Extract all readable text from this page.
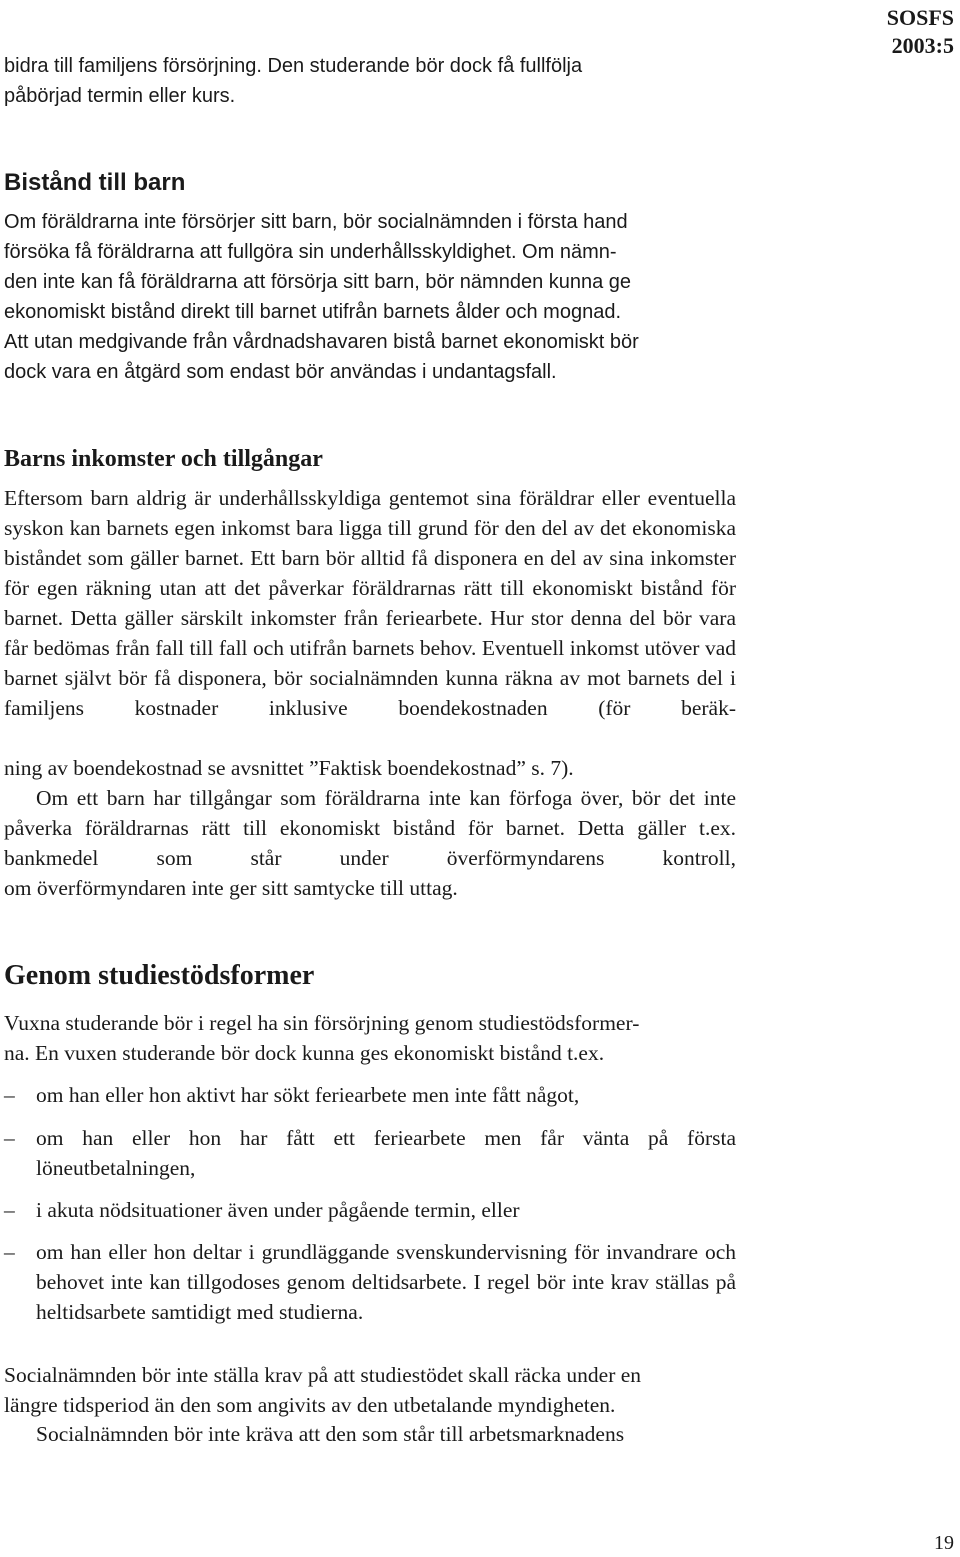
SOSFS
2003:5

bidra till familjens försörjning. Den studerande bör dock få fullfölja

påbörjad termin eller kurs.

Bistånd till barn

Om föräldrarna inte försörjer sitt barn, bör socialnämnden i första hand

försöka få föräldrarna att fullgöra sin underhållsskyldighet. Om nämn-

den inte kan få föräldrarna att försörja sitt barn, bör nämnden kunna ge

ekonomiskt bistånd direkt till barnet utifrån barnets ålder och mognad.

Att utan medgivande från vårdnadshavaren bistå barnet ekonomiskt bör

dock vara en åtgärd som endast bör användas i undantagsfall.

Barns inkomster och tillgångar

Eftersom barn aldrig är underhållsskyldiga gentemot sina föräldrar eller eventuella syskon kan barnets egen inkomst bara ligga till grund för den del av det ekonomiska biståndet som gäller barnet. Ett barn bör alltid få disponera en del av sina inkomster för egen räkning utan att det påverkar föräldrarnas rätt till ekonomiskt bistånd för barnet. Detta gäller särskilt inkomster från feriearbete. Hur stor denna del bör vara får bedömas från fall till fall och utifrån barnets behov. Eventuell inkomst utöver vad barnet självt bör få disponera, bör socialnämnden kunna räkna av mot barnets del i familjens kostnader inklusive boendekostnaden (för beräk-

ning av boendekostnad se avsnittet ”Faktisk boendekostnad” s. 7).

Om ett barn har tillgångar som föräldrarna inte kan förfoga över, bör det inte påverka föräldrarnas rätt till ekonomiskt bistånd för barnet. Detta gäller t.ex. bankmedel som står under överförmyndarens kontroll,

om överförmyndaren inte ger sitt samtycke till uttag.

Genom studiestödsformer

Vuxna studerande bör i regel ha sin försörjning genom studiestödsformer-

na. En vuxen studerande bör dock kunna ges ekonomiskt bistånd t.ex.

– om han eller hon aktivt har sökt feriearbete men inte fått något,

– om han eller hon har fått ett feriearbete men får vänta på första löneutbetalningen,

– i akuta nödsituationer även under pågående termin, eller

– om han eller hon deltar i grundläggande svenskundervisning för invandrare och behovet inte kan tillgodoses genom deltidsarbete. I regel bör inte krav ställas på heltidsarbete samtidigt med studierna.

Socialnämnden bör inte ställa krav på att studiestödet skall räcka under en

längre tidsperiod än den som angivits av den utbetalande myndigheten.

Socialnämnden bör inte kräva att den som står till arbetsmarknadens

19
